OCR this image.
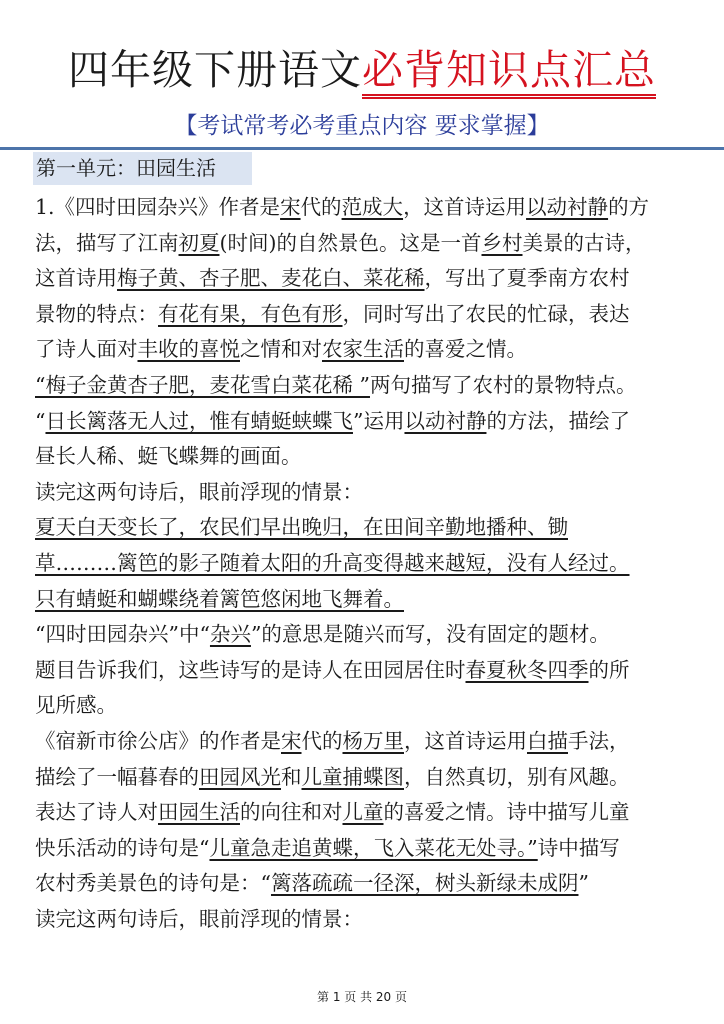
四年级下册语文必背知识点汇总
【考试常考必考重点内容 要求掌握】
第一单元：田园生活
1.《四时田园杂兴》作者是宋代的范成大，这首诗运用以动衬静的方
法，描写了江南初夏(时间)的自然景色。这是一首乡村美景的古诗，
这首诗用梅子黄、杏子肥、麦花白、菜花稀，写出了夏季南方农村
景物的特点：有花有果，有色有形，同时写出了农民的忙碌，表达
了诗人面对丰收的喜悦之情和对农家生活的喜爱之情。
“梅子金黄杏子肥，麦花雪白菜花稀 ”两句描写了农村的景物特点。
“日长篱落无人过，惟有蜻蜓蛱蝶飞”运用以动衬静的方法，描绘了
昼长人稀、蜓飞蝶舞的画面。
读完这两句诗后，眼前浮现的情景：
夏天白天变长了，农民们早出晚归，在田间辛勤地播种、锄
草………篱笆的影子随着太阳的升高变得越来越短，没有人经过。
只有蜻蜓和蝴蝶绕着篱笆悠闲地飞舞着。
“四时田园杂兴”中“杂兴”的意思是随兴而写，没有固定的题材。
题目告诉我们，这些诗写的是诗人在田园居住时春夏秋冬四季的所
见所感。
《宿新市徐公店》的作者是宋代的杨万里，这首诗运用白描手法，
描绘了一幅暮春的田园风光和儿童捕蝶图，自然真切，别有风趣。
表达了诗人对田园生活的向往和对儿童的喜爱之情。诗中描写儿童
快乐活动的诗句是“儿童急走追黄蝶，飞入菜花无处寻。”诗中描写
农村秀美景色的诗句是：“篱落疏疏一径深，树头新绿未成阴”
读完这两句诗后，眼前浮现的情景：
第 1 页 共 20 页
